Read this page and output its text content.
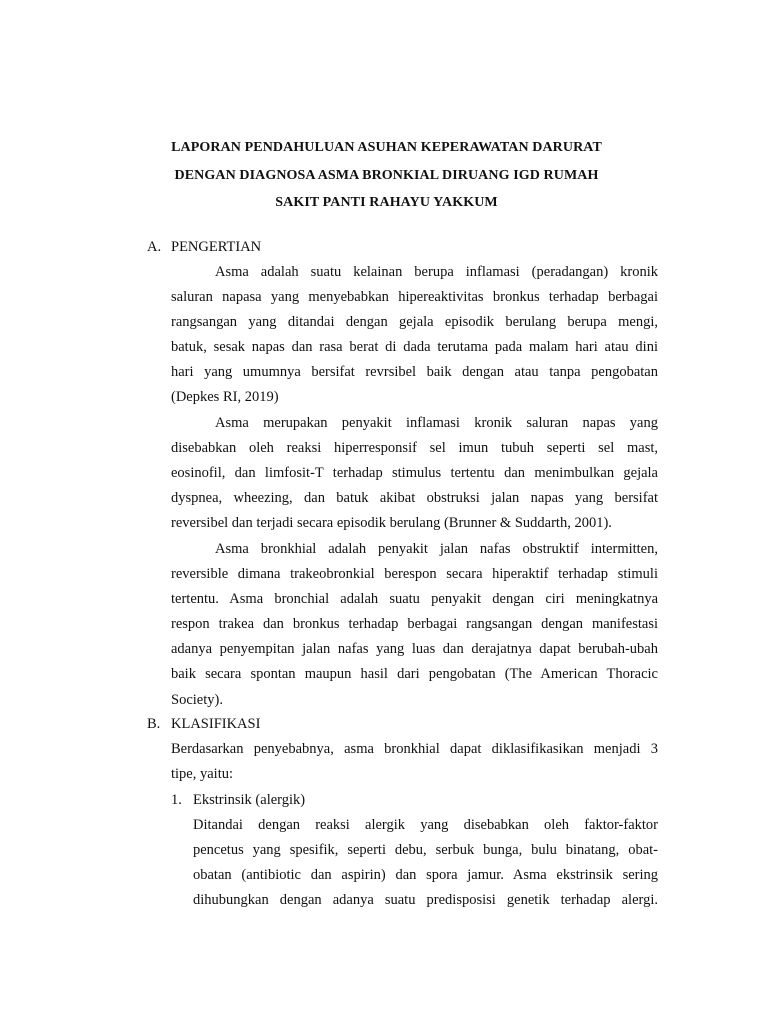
LAPORAN PENDAHULUAN ASUHAN KEPERAWATAN DARURAT
DENGAN DIAGNOSA ASMA BRONKIAL DIRUANG IGD RUMAH
SAKIT PANTI RAHAYU YAKKUM
A. PENGERTIAN
Asma adalah suatu kelainan berupa inflamasi (peradangan) kronik
saluran napasa yang menyebabkan hipereaktivitas bronkus terhadap berbagai
rangsangan yang ditandai dengan gejala episodik berulang berupa mengi,
batuk, sesak napas dan rasa berat di dada terutama pada malam hari atau dini
hari yang umumnya bersifat revrsibel baik dengan atau tanpa pengobatan
(Depkes RI, 2019)
Asma merupakan penyakit inflamasi kronik saluran napas yang
disebabkan oleh reaksi hiperresponsif sel imun tubuh seperti sel mast,
eosinofil, dan limfosit-T terhadap stimulus tertentu dan menimbulkan gejala
dyspnea, wheezing, dan batuk akibat obstruksi jalan napas yang bersifat
reversibel dan terjadi secara episodik berulang (Brunner & Suddarth, 2001).
Asma bronkhial adalah penyakit jalan nafas obstruktif intermitten,
reversible dimana trakeobronkial berespon secara hiperaktif terhadap stimuli
tertentu. Asma bronchial adalah suatu penyakit dengan ciri meningkatnya
respon trakea dan bronkus terhadap berbagai rangsangan dengan manifestasi
adanya penyempitan jalan nafas yang luas dan derajatnya dapat berubah-ubah
baik secara spontan maupun hasil dari pengobatan (The American Thoracic
Society).
B. KLASIFIKASI
Berdasarkan penyebabnya, asma bronkhial dapat diklasifikasikan menjadi 3
tipe, yaitu:
1. Ekstrinsik (alergik)
Ditandai dengan reaksi alergik yang disebabkan oleh faktor-faktor
pencetus yang spesifik, seperti debu, serbuk bunga, bulu binatang, obat-
obatan (antibiotic dan aspirin) dan spora jamur. Asma ekstrinsik sering
dihubungkan dengan adanya suatu predisposisi genetik terhadap alergi.
